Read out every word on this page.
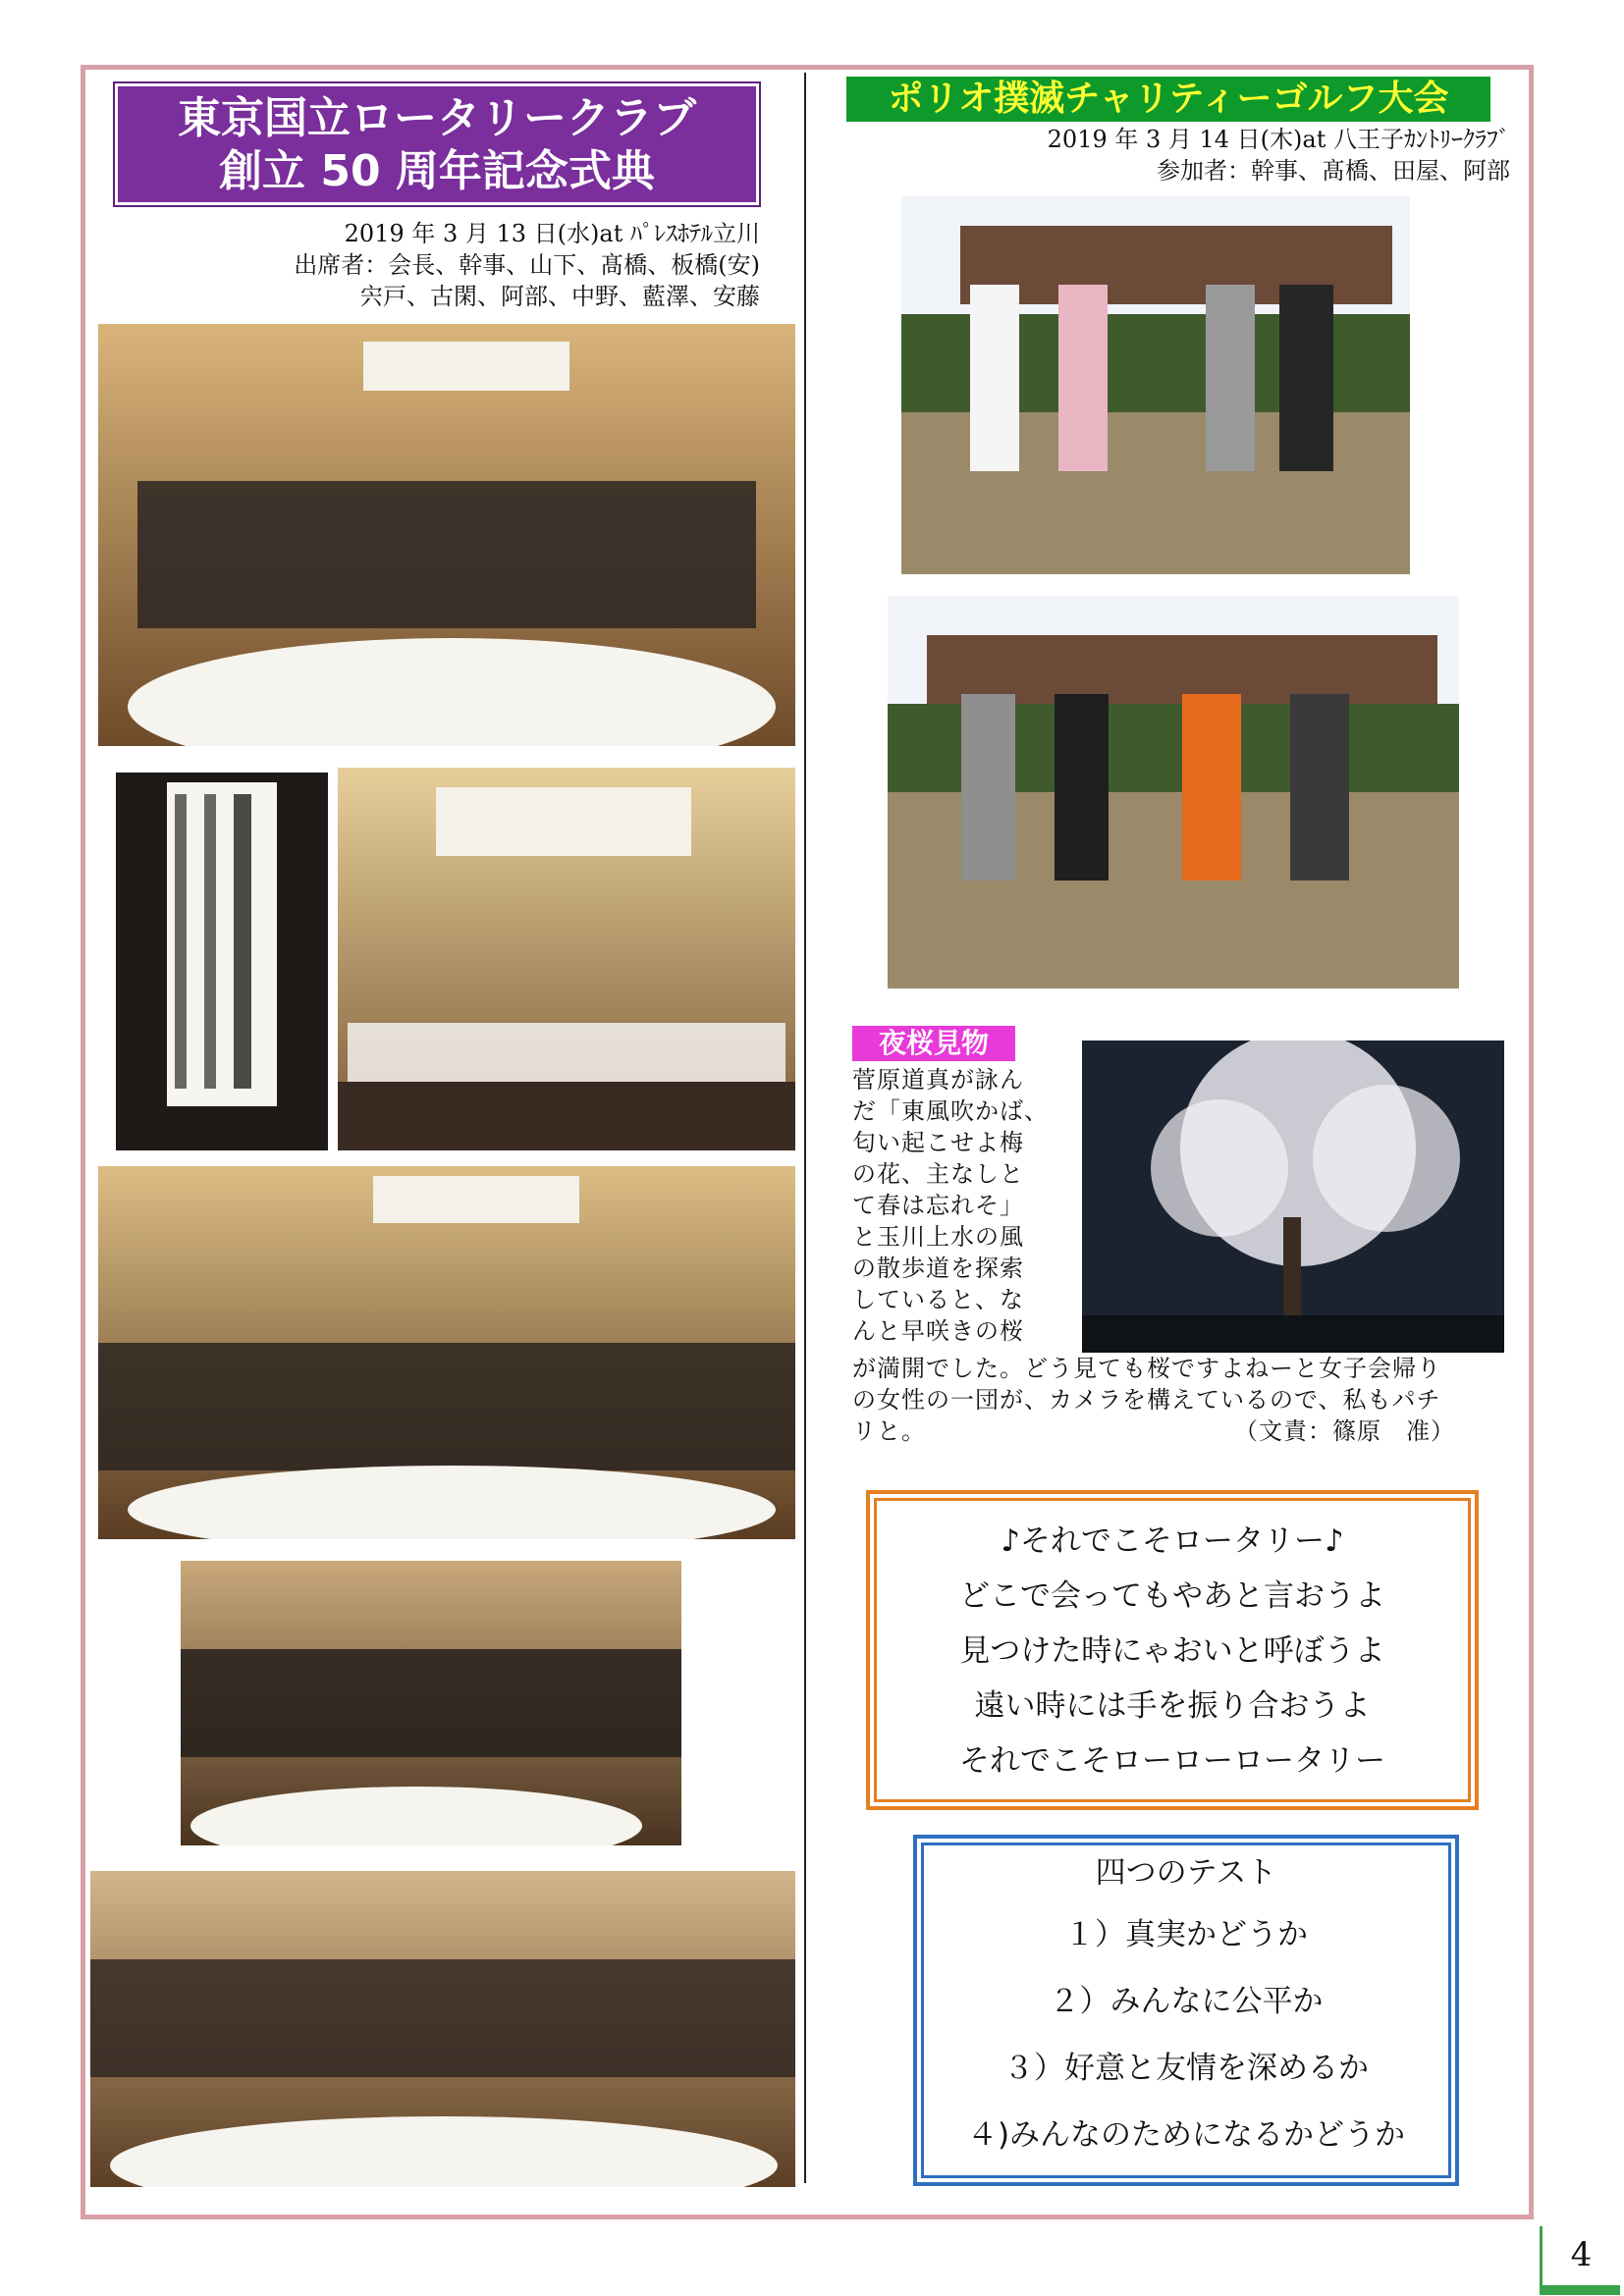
東京国立ロータリークラブ
創立 50 周年記念式典
2019 年 3 月 13 日(水)at ﾊﾟﾚｽﾎﾃﾙ立川
出席者：会長、幹事、山下、髙橋、板橋(安)
宍戸、古閑、阿部、中野、藍澤、安藤
ポリオ撲滅チャリティーゴルフ大会
2019 年 3 月 14 日(木)at 八王子ｶﾝﾄﾘｰｸﾗﾌﾞ
参加者：幹事、髙橋、田屋、阿部
夜桜見物
菅原道真が詠ん
だ「東風吹かば、
匂い起こせよ梅
の花、主なしと
て春は忘れそ」
と玉川上水の風
の散歩道を探索
していると、な
んと早咲きの桜
が満開でした。どう見ても桜ですよねーと女子会帰り
の女性の一団が、カメラを構えているので、私もパチ
リと。	（文責：篠原　准）
♪それでこそロータリー♪
どこで会ってもやあと言おうよ
見つけた時にゃおいと呼ぼうよ
遠い時には手を振り合おうよ
それでこそローローロータリー
四つのテスト
１）真実かどうか
２）みんなに公平か
３）好意と友情を深めるか
４)みんなのためになるかどうか
4
